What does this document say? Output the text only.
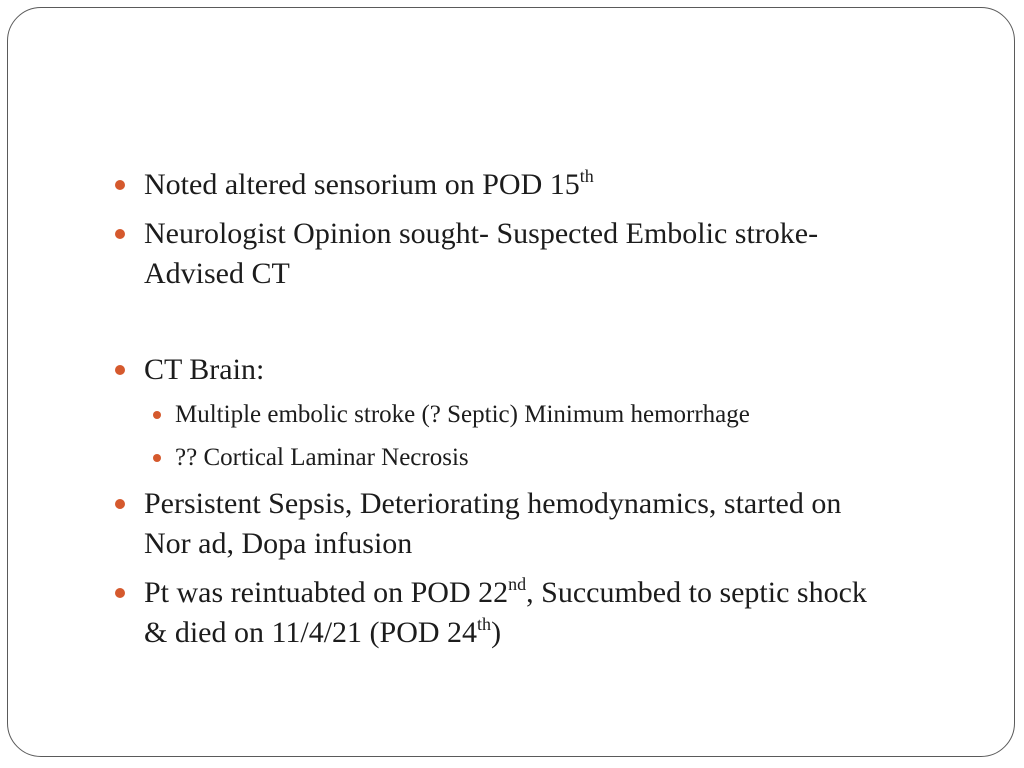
Noted altered sensorium on POD 15th
Neurologist Opinion sought- Suspected Embolic stroke-
Advised CT
CT Brain:
Multiple embolic stroke (? Septic) Minimum hemorrhage
?? Cortical Laminar Necrosis
Persistent Sepsis, Deteriorating hemodynamics, started on
Nor ad, Dopa infusion
Pt was reintuabted on POD 22nd, Succumbed to septic shock
& died on 11/4/21 (POD 24th)
